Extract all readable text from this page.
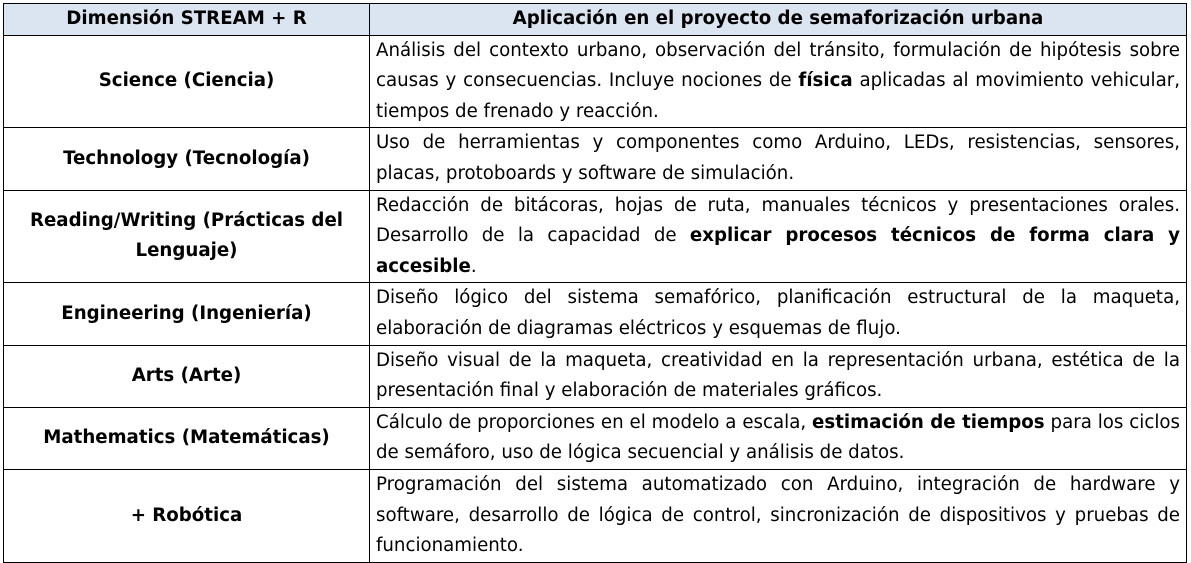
Dimensión STREAM + R	Aplicación en el proyecto de semaforización urbana
Science (Ciencia)	Análisis del contexto urbano, observación del tránsito, formulación de hipótesis sobre causas y consecuencias. Incluye nociones de física aplicadas al movimiento vehicular, tiempos de frenado y reacción.
Technology (Tecnología)	Uso de herramientas y componentes como Arduino, LEDs, resistencias, sensores, placas, protoboards y software de simulación.
Reading/Writing (Prácticas del Lenguaje)	Redacción de bitácoras, hojas de ruta, manuales técnicos y presentaciones orales. Desarrollo de la capacidad de explicar procesos técnicos de forma clara y accesible.
Engineering (Ingeniería)	Diseño lógico del sistema semafórico, planificación estructural de la maqueta, elaboración de diagramas eléctricos y esquemas de flujo.
Arts (Arte)	Diseño visual de la maqueta, creatividad en la representación urbana, estética de la presentación final y elaboración de materiales gráficos.
Mathematics (Matemáticas)	Cálculo de proporciones en el modelo a escala, estimación de tiempos para los ciclos de semáforo, uso de lógica secuencial y análisis de datos.
+ Robótica	Programación del sistema automatizado con Arduino, integración de hardware y software, desarrollo de lógica de control, sincronización de dispositivos y pruebas de funcionamiento.
